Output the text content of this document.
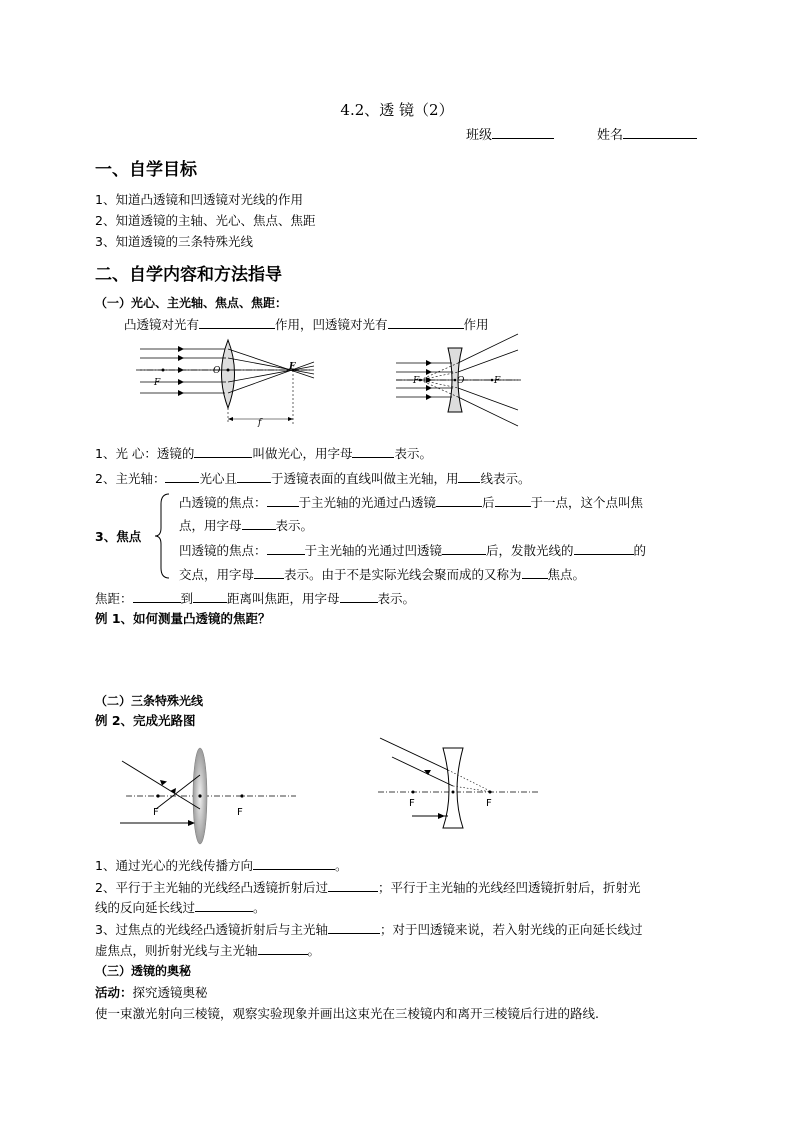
4.2、透 镜（2）
班级	姓名
一、自学目标
1、知道凸透镜和凹透镜对光线的作用
2、知道透镜的主轴、光心、焦点、焦距
3、知道透镜的三条特殊光线
二、自学内容和方法指导
（一）光心、主光轴、焦点、焦距：
凸透镜对光有	作用，凹透镜对光有	作用
F
O	F
f
F	O	F
1、光 心：透镜的	叫做光心，用字母	表示。
2、主光轴：	光心且	于透镜表面的直线叫做主光轴，用 线表示。
3、焦点
凸透镜的焦点：	于主光轴的光通过凸透镜	后	于一点，这个点叫焦
点，用字母	表示。
凹透镜的焦点：	于主光轴的光通过凹透镜	后，发散光线的	的
交点，用字母 表示。由于不是实际光线会聚而成的又称为 焦点。
焦距：	到	距离叫焦距，用字母	表示。
例 1、如何测量凸透镜的焦距？
（二）三条特殊光线
例 2、完成光路图
F	F
F	F
1、通过光心的光线传播方向	。
2、平行于主光轴的光线经凸透镜折射后过	；平行于主光轴的光线经凹透镜折射后，折射光
线的反向延长线过	。
3、过焦点的光线经凸透镜折射后与主光轴	；对于凹透镜来说，若入射光线的正向延长线过
虚焦点，则折射光线与主光轴	。
（三）透镜的奥秘
活动：探究透镜奥秘
使一束激光射向三棱镜，观察实验现象并画出这束光在三棱镜内和离开三棱镜后行进的路线.
